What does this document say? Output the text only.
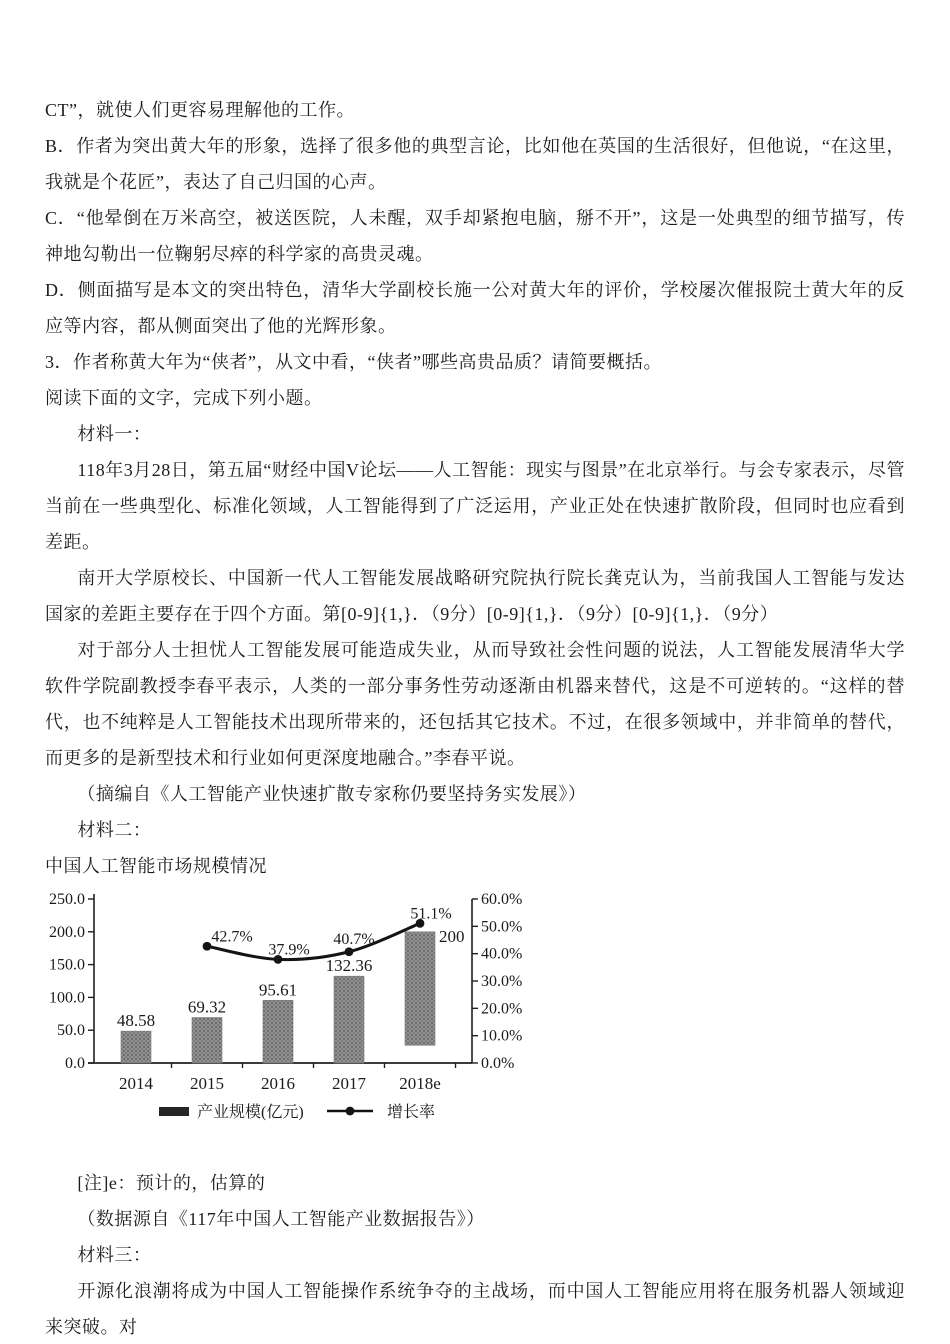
CT”，就使人们更容易理解他的工作。

B．作者为突出黄大年的形象，选择了很多他的典型言论，比如他在英国的生活很好，但他说，“在这里，我就是个花匠”，表达了自己归国的心声。

C．“他晕倒在万米高空，被送医院，人未醒，双手却紧抱电脑，掰不开”，这是一处典型的细节描写，传神地勾勒出一位鞠躬尽瘁的科学家的高贵灵魂。

D．侧面描写是本文的突出特色，清华大学副校长施一公对黄大年的评价，学校屡次催报院士黄大年的反应等内容，都从侧面突出了他的光辉形象。

3．作者称黄大年为“侠者”，从文中看，“侠者”哪些高贵品质？请简要概括。

阅读下面的文字，完成下列小题。

材料一：

118年3月28日，第五届“财经中国V论坛——人工智能：现实与图景”在北京举行。与会专家表示，尽管当前在一些典型化、标准化领域，人工智能得到了广泛运用，产业正处在快速扩散阶段，但同时也应看到差距。

南开大学原校长、中国新一代人工智能发展战略研究院执行院长龚克认为，当前我国人工智能与发达国家的差距主要存在于四个方面。第[0-9]{1,}．（9分）[0-9]{1,}．（9分）[0-9]{1,}．（9分）

对于部分人士担忧人工智能发展可能造成失业，从而导致社会性问题的说法，人工智能发展清华大学软件学院副教授李春平表示，人类的一部分事务性劳动逐渐由机器来替代，这是不可逆转的。“这样的替代，也不纯粹是人工智能技术出现所带来的，还包括其它技术。不过，在很多领域中，并非简单的替代，而更多的是新型技术和行业如何更深度地融合。”李春平说。

（摘编自《人工智能产业快速扩散专家称仍要坚持务实发展》）

材料二：

中国人工智能市场规模情况

250.0
200.0
150.0
100.0
50.0
0.0
60.0%
50.0%
40.0%
30.0%
20.0%
10.0%
0.0%
2014 2015 2016 2017 2018e
48.58
69.32
95.61
132.36
200
42.7%
37.9%
40.7%
51.1%
产业规模(亿元)	增长率

[注]e：预计的，估算的

（数据源自《117年中国人工智能产业数据报告》）

材料三：

开源化浪潮将成为中国人工智能操作系统争夺的主战场，而中国人工智能应用将在服务机器人领域迎来突破。对
